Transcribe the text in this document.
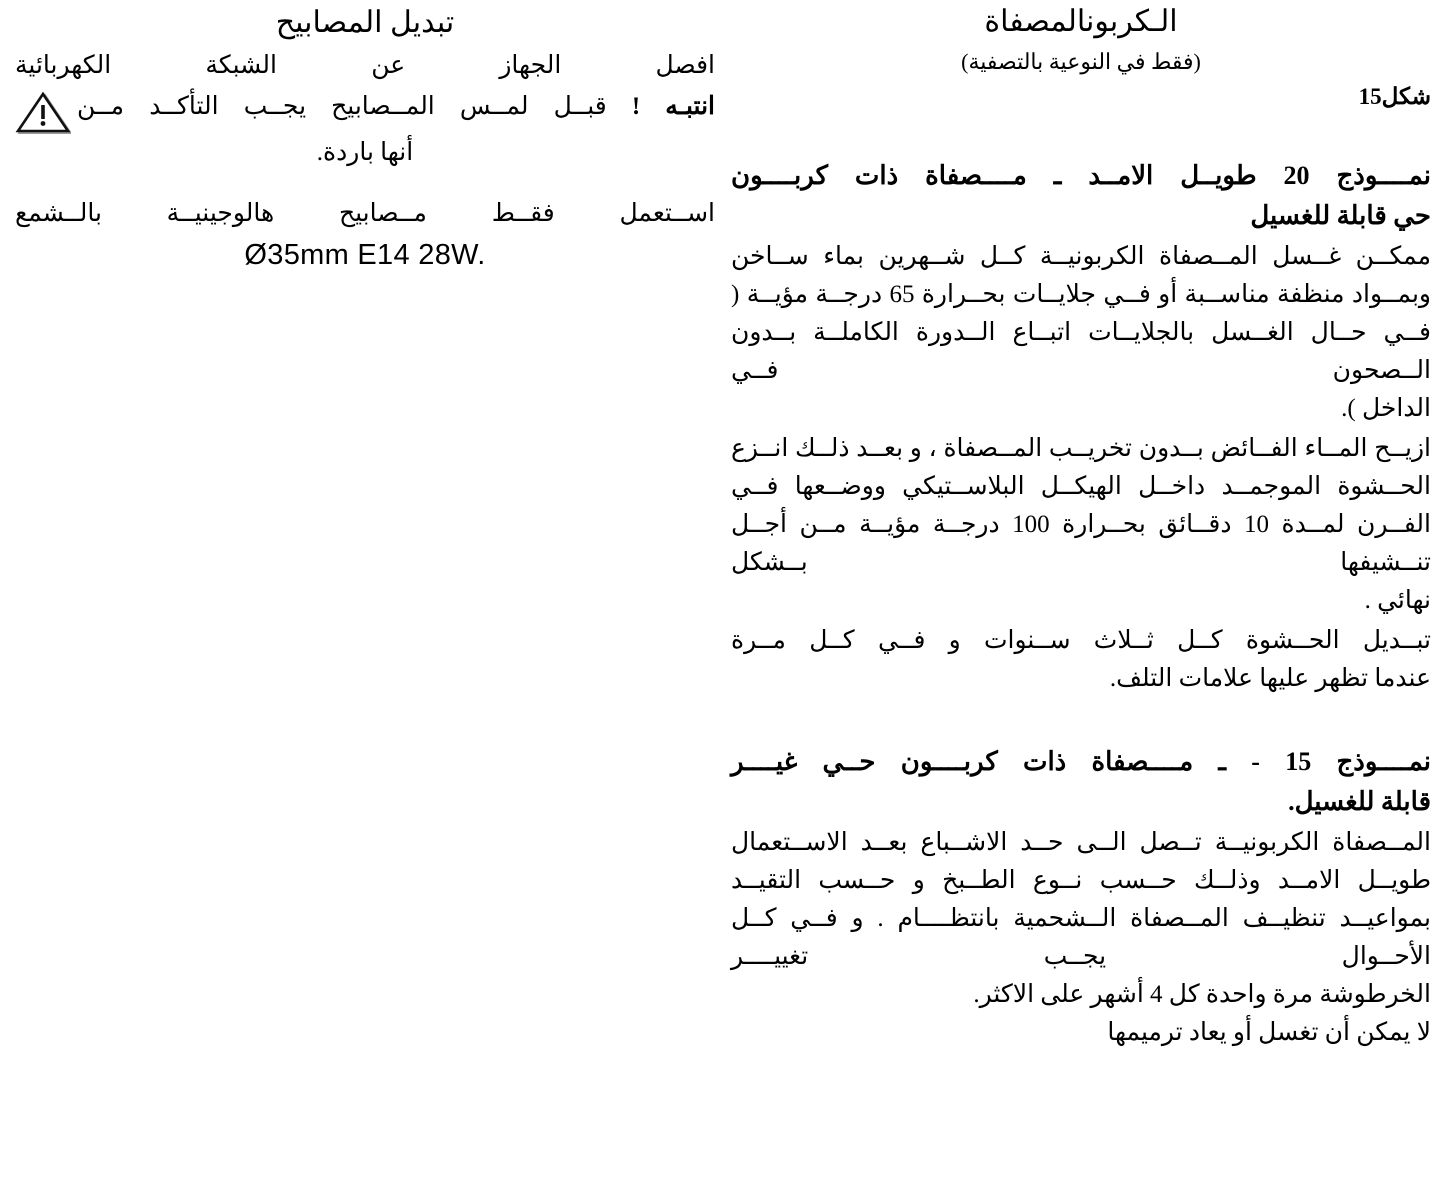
الـكربونالمصفاة
(فقط في النوعية بالتصفية)
15شكل
نمــــوذج 20 طويــل الامــد ـ مــــصفاة ذات كربــــون
حي قابلة للغسيل
ممكــن غــسل المــصفاة الكربونيــة كــل شــهرين بماء ســاخن وبمــواد منظفة مناســبة أو فــي جلايــات بحــرارة 65 درجــة مؤيــة ( فــي حــال الغــسل بالجلايــات اتبــاع الــدورة الكاملــة بــدون الــصحون فــي
الداخل ).
ازيــح المــاء الفــائض بــدون تخريــب المــصفاة ، و بعــد ذلــك انــزع الحــشوة الموجمــد داخــل الهيكــل البلاســتيكي ووضــعها فــي الفــرن لمــدة 10 دقــائق بحــرارة 100 درجــة مؤيــة مــن أجــل تنــشيفها بــشكل
نهائي .
تبــديل الحــشوة كــل ثــلاث ســنوات و فــي كــل مــرة
عندما تظهر عليها علامات التلف.
نمــــوذج 15 - ـ مــــصفاة ذات كربــــون حــي غيــــر
قابلة للغسيل.
المــصفاة الكربونيــة تــصل الــى حــد الاشــباع بعــد الاســتعمال طويــل الامــد وذلــك حــسب نــوع الطــبخ و حــسب التقيــد بمواعيــد تنظيــف المــصفاة الــشحمية بانتظــــام . و فــي كــل الأحــوال يجــب تغييــــر
الخرطوشة مرة واحدة كل 4 أشهر على الاكثر.
لا يمكن أن تغسل أو يعاد ترميمها
تبديل المصابيح
افصل الجهاز عن الشبكة الكهربائية
انتبـه ! قبــل لمــس المــصابيح يجــب التأكــد مــن
أنها باردة.
اســتعمل فقــط مــصابيح هالوجينيــة بالــشمع
Ø35mm E14 28W.
